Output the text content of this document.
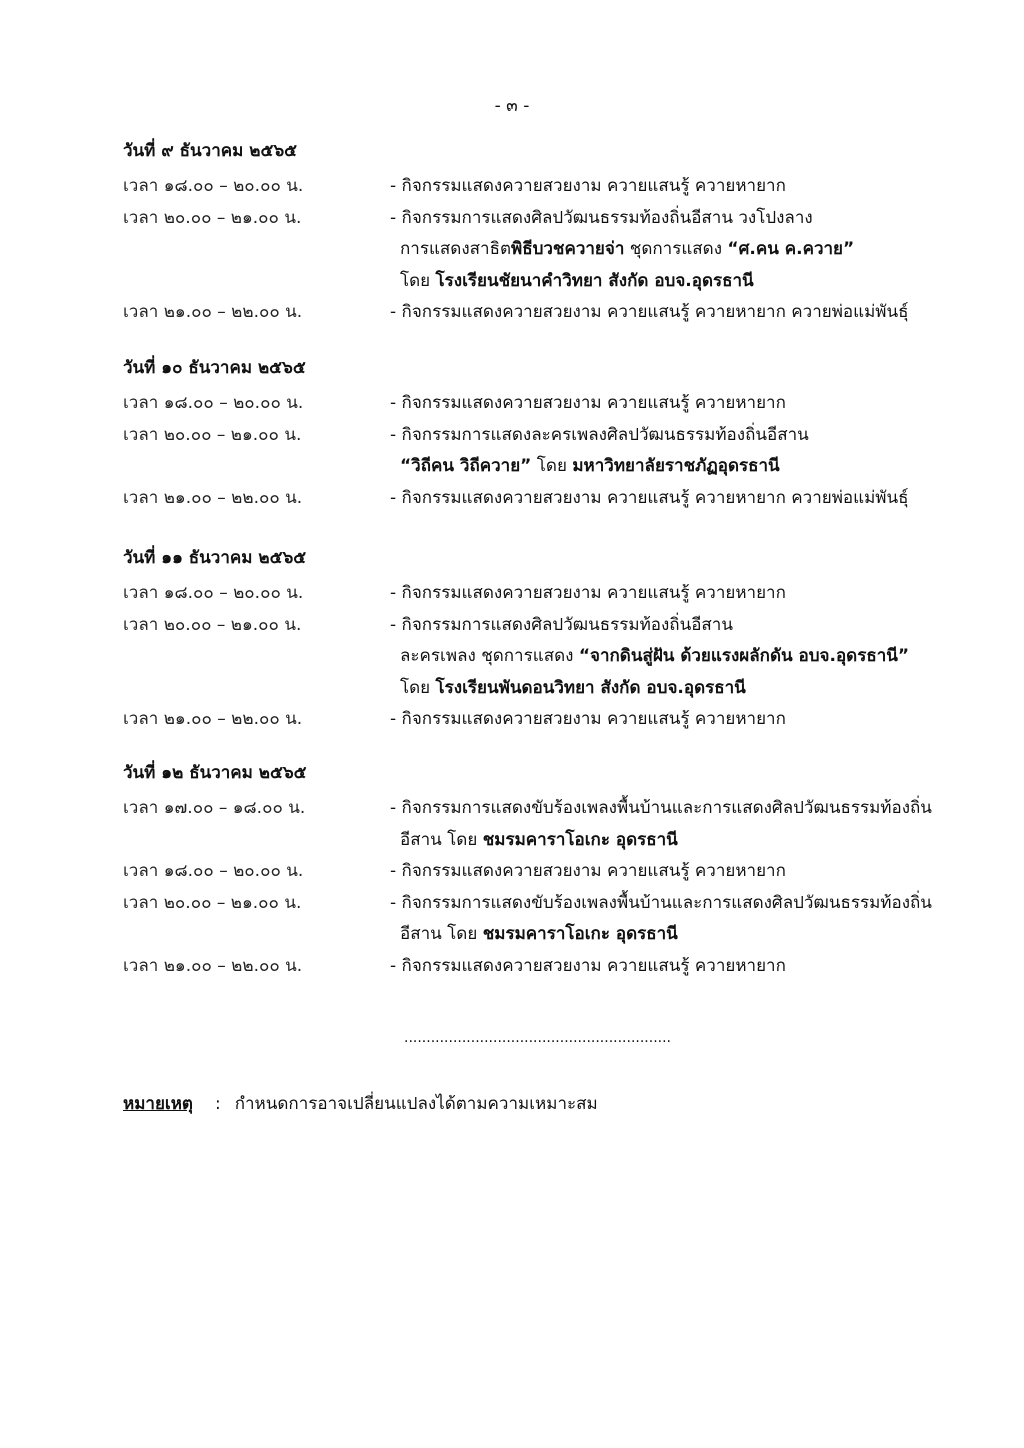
- ๓ -
วันที่ ๙ ธันวาคม ๒๕๖๕
เวลา ๑๘.๐๐ – ๒๐.๐๐ น.	- กิจกรรมแสดงควายสวยงาม ควายแสนรู้ ควายหายาก
เวลา ๒๐.๐๐ – ๒๑.๐๐ น.	- กิจกรรมการแสดงศิลปวัฒนธรรมท้องถิ่นอีสาน วงโปงลาง
การแสดงสาธิตพิธีบวชควายจ่า ชุดการแสดง “ศ.คน ค.ควาย”
โดย โรงเรียนชัยนาคำวิทยา สังกัด อบจ.อุดรธานี
เวลา ๒๑.๐๐ – ๒๒.๐๐ น.	- กิจกรรมแสดงควายสวยงาม ควายแสนรู้ ควายหายาก ควายพ่อแม่พันธุ์
วันที่ ๑๐ ธันวาคม ๒๕๖๕
เวลา ๑๘.๐๐ – ๒๐.๐๐ น.	- กิจกรรมแสดงควายสวยงาม ควายแสนรู้ ควายหายาก
เวลา ๒๐.๐๐ – ๒๑.๐๐ น.	- กิจกรรมการแสดงละครเพลงศิลปวัฒนธรรมท้องถิ่นอีสาน
“วิถีคน วิถีควาย” โดย มหาวิทยาลัยราชภัฏอุดรธานี
เวลา ๒๑.๐๐ – ๒๒.๐๐ น.	- กิจกรรมแสดงควายสวยงาม ควายแสนรู้ ควายหายาก ควายพ่อแม่พันธุ์
วันที่ ๑๑ ธันวาคม ๒๕๖๕
เวลา ๑๘.๐๐ – ๒๐.๐๐ น.	- กิจกรรมแสดงควายสวยงาม ควายแสนรู้ ควายหายาก
เวลา ๒๐.๐๐ – ๒๑.๐๐ น.	- กิจกรรมการแสดงศิลปวัฒนธรรมท้องถิ่นอีสาน
ละครเพลง ชุดการแสดง “จากดินสู่ฝัน ด้วยแรงผลักดัน อบจ.อุดรธานี”
โดย โรงเรียนพันดอนวิทยา สังกัด อบจ.อุดรธานี
เวลา ๒๑.๐๐ – ๒๒.๐๐ น.	- กิจกรรมแสดงควายสวยงาม ควายแสนรู้ ควายหายาก
วันที่ ๑๒ ธันวาคม ๒๕๖๕
เวลา ๑๗.๐๐ – ๑๘.๐๐ น.	- กิจกรรมการแสดงขับร้องเพลงพื้นบ้านและการแสดงศิลปวัฒนธรรมท้องถิ่น
อีสาน โดย ชมรมคาราโอเกะ อุดรธานี
เวลา ๑๘.๐๐ – ๒๐.๐๐ น.	- กิจกรรมแสดงควายสวยงาม ควายแสนรู้ ควายหายาก
เวลา ๒๐.๐๐ – ๒๑.๐๐ น.	- กิจกรรมการแสดงขับร้องเพลงพื้นบ้านและการแสดงศิลปวัฒนธรรมท้องถิ่น
อีสาน โดย ชมรมคาราโอเกะ อุดรธานี
เวลา ๒๑.๐๐ – ๒๒.๐๐ น.	- กิจกรรมแสดงควายสวยงาม ควายแสนรู้ ควายหายาก
............................................................
หมายเหตุ : กำหนดการอาจเปลี่ยนแปลงได้ตามความเหมาะสม
